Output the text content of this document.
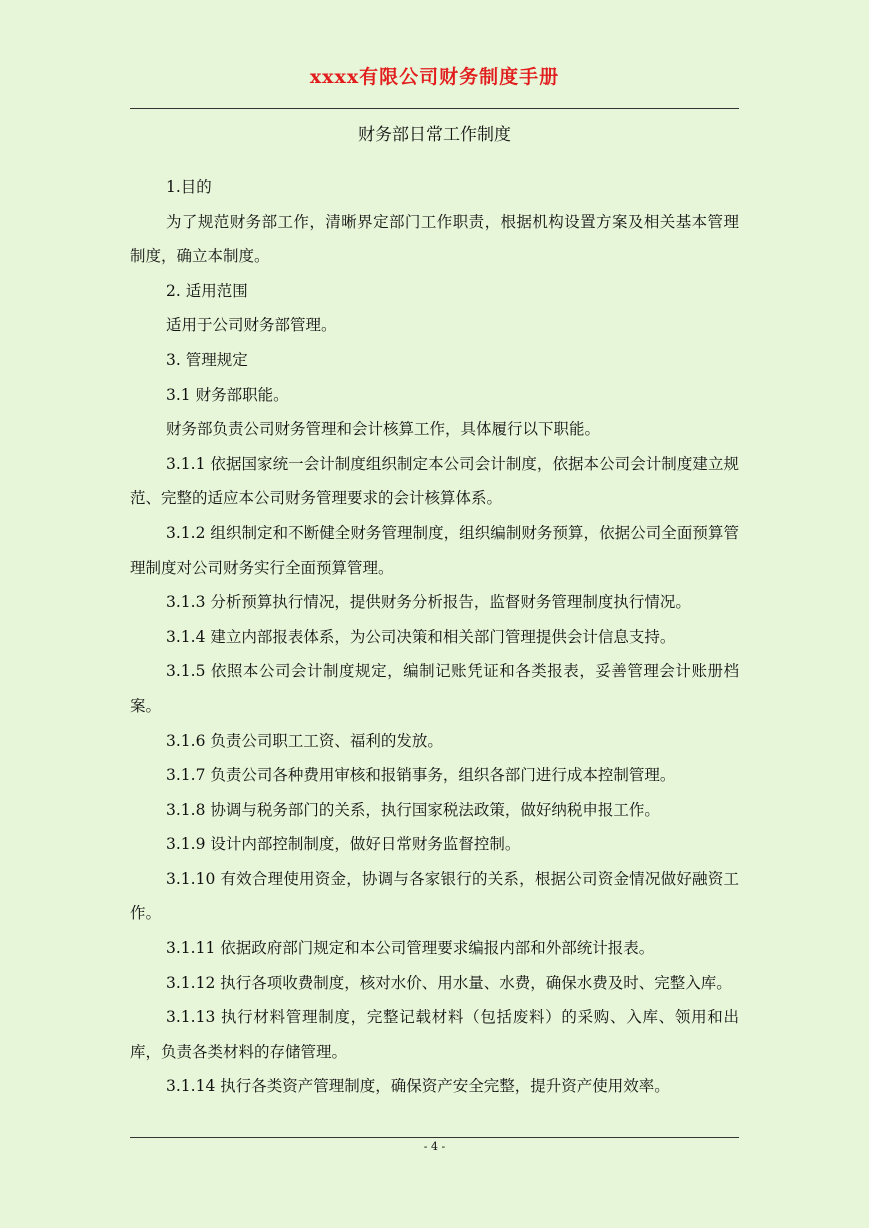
xxxx有限公司财务制度手册
财务部日常工作制度

1.目的

为了规范财务部工作，清晰界定部门工作职责，根据机构设置方案及相关基本管理制度，确立本制度。

2. 适用范围

适用于公司财务部管理。

3. 管理规定

3.1 财务部职能。

财务部负责公司财务管理和会计核算工作，具体履行以下职能。

3.1.1 依据国家统一会计制度组织制定本公司会计制度，依据本公司会计制度建立规范、完整的适应本公司财务管理要求的会计核算体系。

3.1.2 组织制定和不断健全财务管理制度，组织编制财务预算，依据公司全面预算管理制度对公司财务实行全面预算管理。

3.1.3 分析预算执行情况，提供财务分析报告，监督财务管理制度执行情况。

3.1.4 建立内部报表体系，为公司决策和相关部门管理提供会计信息支持。

3.1.5 依照本公司会计制度规定，编制记账凭证和各类报表，妥善管理会计账册档案。

3.1.6 负责公司职工工资、福利的发放。

3.1.7 负责公司各种费用审核和报销事务，组织各部门进行成本控制管理。

3.1.8 协调与税务部门的关系，执行国家税法政策，做好纳税申报工作。

3.1.9 设计内部控制制度，做好日常财务监督控制。

3.1.10 有效合理使用资金，协调与各家银行的关系，根据公司资金情况做好融资工作。

3.1.11 依据政府部门规定和本公司管理要求编报内部和外部统计报表。

3.1.12 执行各项收费制度，核对水价、用水量、水费，确保水费及时、完整入库。

3.1.13 执行材料管理制度，完整记载材料（包括废料）的采购、入库、领用和出库，负责各类材料的存储管理。

3.1.14 执行各类资产管理制度，确保资产安全完整，提升资产使用效率。

- 4 -
